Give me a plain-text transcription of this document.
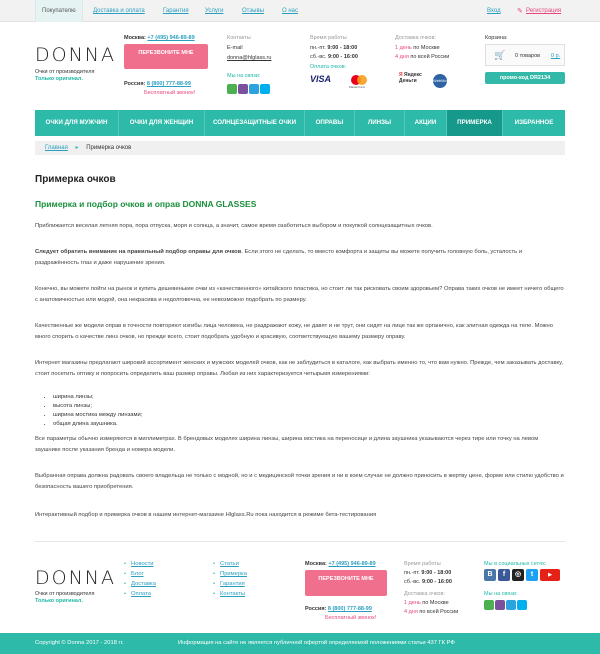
Покупателю	Доставка и оплата	Гарантия	Услуги	Отзывы	О нас	Вход ✎ Регистрация
DONNA
Очки от производителя
Только оригинал.
Москва: +7 (495) 946-89-89
ПЕРЕЗВОНИТЕ МНЕ
Россия: 8 (800) 777-88-99
Бесплатный звонок!
Контакты
E-mail
donna@hlglass.ru
Мы на связи:
Время работы
пн.-пт. 9:00 - 18:00
сб.-вс. 9:00 - 16:00
Оплата очков:
VISA
MasterCard
Доставка очков:
1 день по Москве
4 дня по всей России
Я Яндекс Деньги	WebMoney
Корзина:
🛒 0 товаров 0 р.
промо-код DR2134
ОЧКИ ДЛЯ МУЖЧИН	ОЧКИ ДЛЯ ЖЕНЩИН	СОЛНЦЕЗАЩИТНЫЕ ОЧКИ	ОПРАВЫ	ЛИНЗЫ	АКЦИИ	ПРИМЕРКА	ИЗБРАННОЕ
Главная ▸ Примерка очков
Примерка очков
Примерка и подбор очков и оправ DONNA GLASSES

Приближается веселая летняя пора, пора отпуска, моря и солнца, а значит, самое время озаботиться выбором и покупкой солнцезащитных очков.

Следует обратить внимание на правильный подбор оправы для очков. Если этого не сделать, то вместо комфорта и защиты вы можете получить головную боль, усталость и раздражённость глаз и даже нарушение зрения.

Конечно, вы можете пойти на рынок и купить дешевенькие очки из «качественного» китайского пластика, но стоит ли так рисковать своим здоровьем? Оправа таких очков не имеет ничего общего с анатомичностью или модой, она некрасива и недолговечна, ее невозможно подобрать по размеру.

Качественные же модели оправ в точности повторяют изгибы лица человека, не раздражают кожу, не давят и не трут, они сидят на лице так же органично, как элитная одежда на теле. Можно много спорить о качестве линз очков, но прежде всего, стоит подобрать удобную и красивую, соответствующую вашему размеру оправу.

Интернет магазины предлагают широкий ассортимент женских и мужских моделей очков, как не заблудиться в каталоге, как выбрать именно то, что вам нужно. Прежде, чем заказывать доставку, стоит посетить оптику и попросить определить ваш размер оправы. Любая из них характеризуется четырьмя измерениями:

• ширина линзы;
• высота линзы;
• ширина мостика между линзами;
• общая длина заушника.

Все параметры обычно измеряются в миллиметрах. В брендовых моделях ширина линзы, ширина мостика на переносице и длина заушника указываются через тире или точку на левом заушнике после указания бренда и номера модели.

Выбранная оправа должна радовать своего владельца не только с модной, но и с медицинской точки зрения и ни в коем случае не должно приносить в жертву цене, форме или стилю удобство и безопасность вашего приобретения.

Интерактивный подбор и примерка очков в нашем интернет-магазине Hlglass.Ru пока находится в режиме бета-тестирования

DONNA
Очки от производителя
Только оригинал.
• Новости
• Блог
• Доставка
• Оплата
• Статьи
• Примерка
• Гарантия
• Контакты
Москва: +7 (495) 946-89-89
ПЕРЕЗВОНИТЕ МНЕ
Россия: 8 (800) 777-88-99
Бесплатный звонок!
Время работы
пн.-пт. 9:00 - 18:00
сб.-вс. 9:00 - 16:00
Доставка очков:
1 день по Москве
4 дня по всей России
Мы в социальных сетях:
B f ◎ t	▶
Мы на связи:
Copyright © Donna 2017 - 2018 гг.	Информация на сайте не является публичной офертой определяемой положениями статьи 437 ГК РФ
